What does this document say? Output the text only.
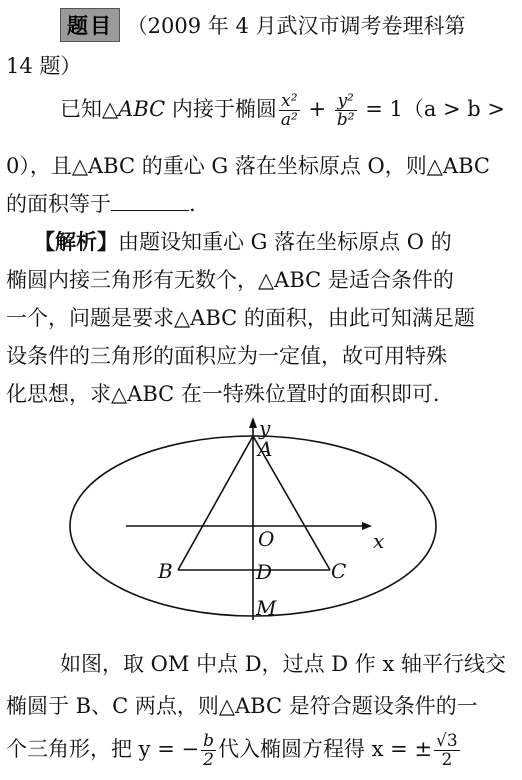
题目 （2009 年 4 月武汉市调考卷理科第
14 题）
已知△ABC 内接于椭圆 $\frac{\text{x²}}{\text{a²}} + \frac{\text{y²}}{\text{b²}} = 1(a > b$ >
0），且△ABC 的重心 G 落在坐标原点 O，则△ABC
的面积等于	.
【解析】由题设知重心 G 落在坐标原点 O 的
椭圆内接三角形有无数个，△ABC 是适合条件的
一个，问题是要求△ABC 的面积，由此可知满足题
设条件的三角形的面积应为一定值，故可用特殊
化思想，求△ABC 在一特殊位置时的面积即可.
y
x
A
O
B	C
D
M
如图，取 OM 中点 D，过点 D 作 x 轴平行线交
椭圆于 B、C 两点，则△ABC 是符合题设条件的一
个三角形，把 y = − $\frac{b}{2}$ 代入椭圆方程得 x = ± $\frac{√3}{2}$
